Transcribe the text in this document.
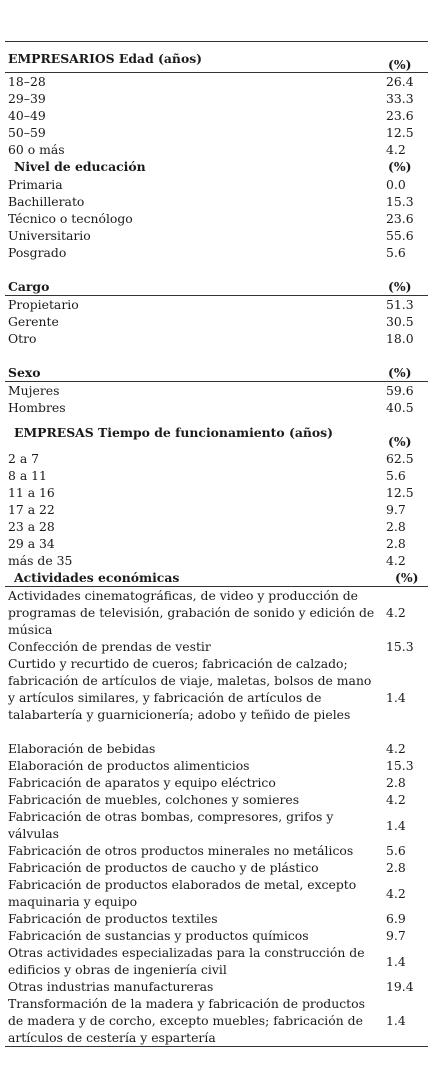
EMPRESARIOS Edad (años)	(%)
18–28	26.4
29–39	33.3
40–49	23.6
50–59	12.5
60 o más	4.2
Nivel de educación	(%)
Primaria	0.0
Bachillerato	15.3
Técnico o tecnólogo	23.6
Universitario	55.6
Posgrado	5.6
Cargo	(%)
Propietario	51.3
Gerente	30.5
Otro	18.0
Sexo	(%)
Mujeres	59.6
Hombres	40.5
EMPRESAS Tiempo de funcionamiento (años)
(%)
2 a 7	62.5
8 a 11	5.6
11 a 16	12.5
17 a 22	9.7
23 a 28	2.8
29 a 34	2.8
más de 35	4.2
Actividades económicas	(%)
Actividades cinematográficas, de video y producción de programas de televisión, grabación de sonido y edición de música
4.2
Confección de prendas de vestir	15.3
Curtido y recurtido de cueros; fabricación de calzado; fabricación de artículos de viaje, maletas, bolsos de mano y artículos similares, y fabricación de artículos de talabartería y guarnicionería; adobo y teñido de pieles
1.4
Elaboración de bebidas	4.2
Elaboración de productos alimenticios	15.3
Fabricación de aparatos y equipo eléctrico	2.8
Fabricación de muebles, colchones y somieres	4.2
Fabricación de otras bombas, compresores, grifos y válvulas
1.4
Fabricación de otros productos minerales no metálicos	5.6
Fabricación de productos de caucho y de plástico	2.8
Fabricación de productos elaborados de metal, excepto maquinaria y equipo
4.2
Fabricación de productos textiles	6.9
Fabricación de sustancias y productos químicos	9.7
Otras actividades especializadas para la construcción de edificios y obras de ingeniería civil
1.4
Otras industrias manufactureras	19.4
Transformación de la madera y fabricación de productos de madera y de corcho, excepto muebles; fabricación de artículos de cestería y espartería
1.4
